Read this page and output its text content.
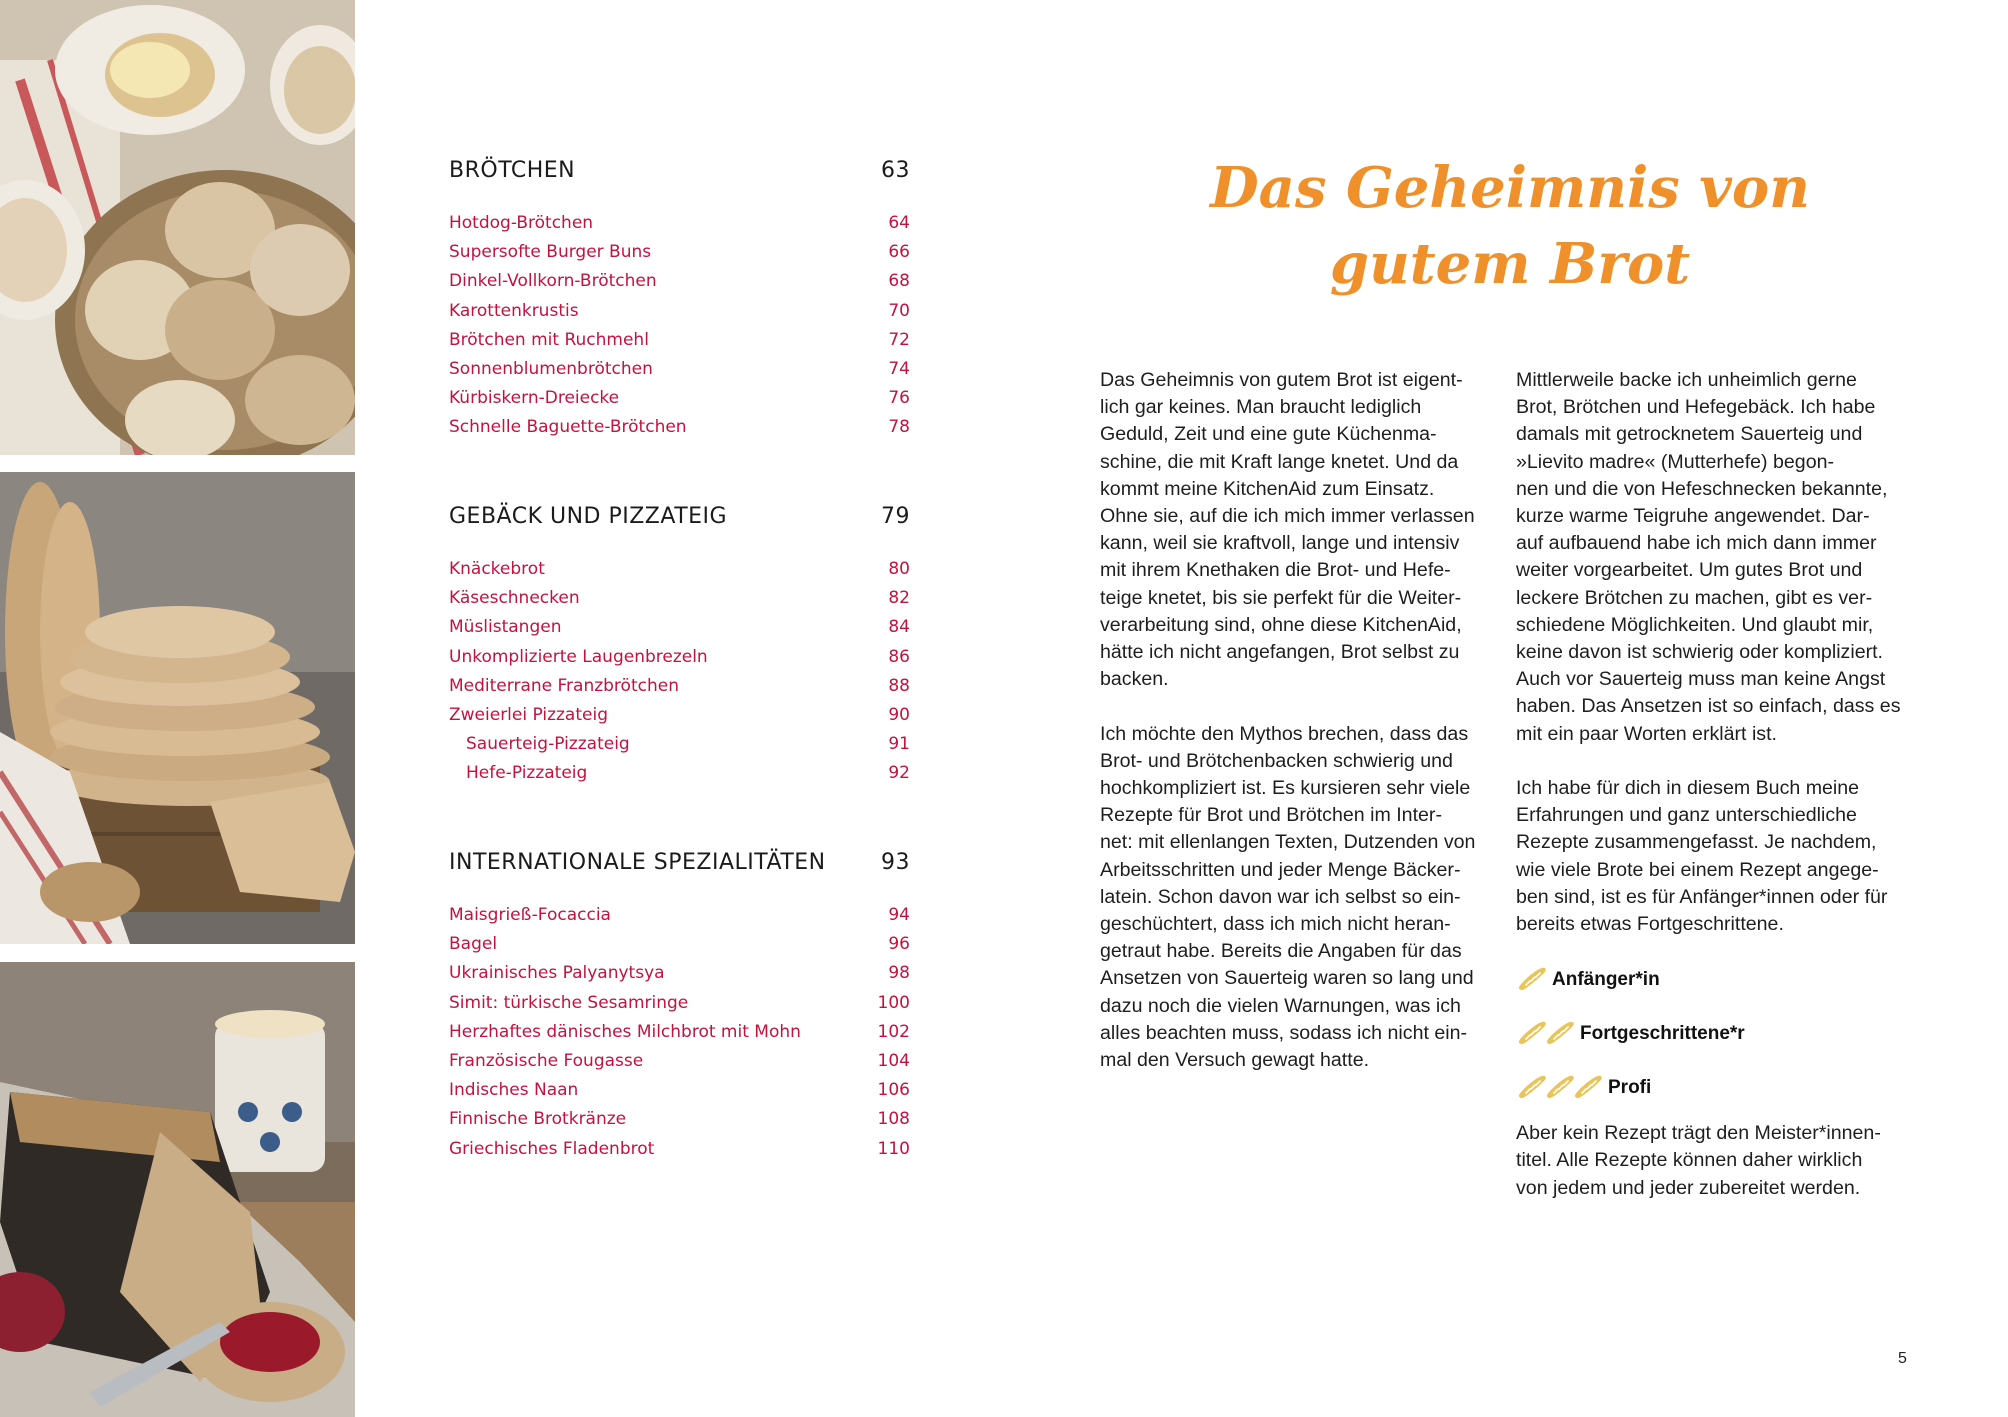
BRÖTCHEN	63
Hotdog-Brötchen	64
Supersofte Burger Buns	66
Dinkel-Vollkorn-Brötchen	68
Karottenkrustis	70
Brötchen mit Ruchmehl	72
Sonnenblumenbrötchen	74
Kürbiskern-Dreiecke	76
Schnelle Baguette-Brötchen	78
GEBÄCK UND PIZZATEIG	79
Knäckebrot	80
Käseschnecken	82
Müslistangen	84
Unkomplizierte Laugenbrezeln	86
Mediterrane Franzbrötchen	88
Zweierlei Pizzateig	90
Sauerteig-Pizzateig	91
Hefe-Pizzateig	92
INTERNATIONALE SPEZIALITÄTEN	93
Maisgrieß-Focaccia	94
Bagel	96
Ukrainisches Palyanytsya	98
Simit: türkische Sesamringe	100
Herzhaftes dänisches Milchbrot mit Mohn	102
Französische Fougasse	104
Indisches Naan	106
Finnische Brotkränze	108
Griechisches Fladenbrot	110
Das Geheimnis von
gutem Brot
Das Geheimnis von gutem Brot ist eigent-
lich gar keines. Man braucht lediglich
Geduld, Zeit und eine gute Küchenma-
schine, die mit Kraft lange knetet. Und da
kommt meine KitchenAid zum Einsatz.
Ohne sie, auf die ich mich immer verlassen
kann, weil sie kraftvoll, lange und intensiv
mit ihrem Knethaken die Brot- und Hefe-
teige knetet, bis sie perfekt für die Weiter-
verarbeitung sind, ohne diese KitchenAid,
hätte ich nicht angefangen, Brot selbst zu
backen.
Ich möchte den Mythos brechen, dass das
Brot- und Brötchenbacken schwierig und
hochkompliziert ist. Es kursieren sehr viele
Rezepte für Brot und Brötchen im Inter-
net: mit ellenlangen Texten, Dutzenden von
Arbeitsschritten und jeder Menge Bäcker-
latein. Schon davon war ich selbst so ein-
geschüchtert, dass ich mich nicht heran-
getraut habe. Bereits die Angaben für das
Ansetzen von Sauerteig waren so lang und
dazu noch die vielen Warnungen, was ich
alles beachten muss, sodass ich nicht ein-
mal den Versuch gewagt hatte.
Mittlerweile backe ich unheimlich gerne
Brot, Brötchen und Hefegebäck. Ich habe
damals mit getrocknetem Sauerteig und
»Lievito madre« (Mutterhefe) begon-
nen und die von Hefeschnecken bekannte,
kurze warme Teigruhe angewendet. Dar-
auf aufbauend habe ich mich dann immer
weiter vorgearbeitet. Um gutes Brot und
leckere Brötchen zu machen, gibt es ver-
schiedene Möglichkeiten. Und glaubt mir,
keine davon ist schwierig oder kompliziert.
Auch vor Sauerteig muss man keine Angst
haben. Das Ansetzen ist so einfach, dass es
mit ein paar Worten erklärt ist.
Ich habe für dich in diesem Buch meine
Erfahrungen und ganz unterschiedliche
Rezepte zusammengefasst. Je nachdem,
wie viele Brote bei einem Rezept angege-
ben sind, ist es für Anfänger*innen oder für
bereits etwas Fortgeschrittene.
Anfänger*in
Fortgeschrittene*r
Profi
Aber kein Rezept trägt den Meister*innen-
titel. Alle Rezepte können daher wirklich
von jedem und jeder zubereitet werden.
5
